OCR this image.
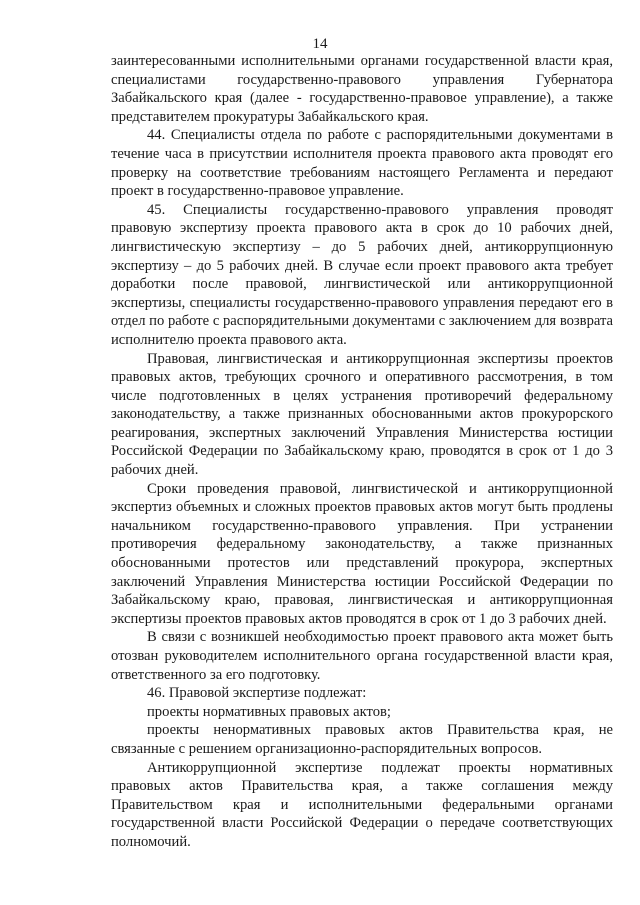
14

заинтересованными исполнительными органами государственной власти края, специалистами государственно-правового управления Губернатора Забайкальского края (далее - государственно-правовое управление), а также представителем прокуратуры Забайкальского края.

44. Специалисты отдела по работе с распорядительными документами в течение часа в присутствии исполнителя проекта правового акта проводят его проверку на соответствие требованиям настоящего Регламента и передают проект в государственно-правовое управление.

45. Специалисты государственно-правового управления проводят правовую экспертизу проекта правового акта в срок до 10 рабочих дней, лингвистическую экспертизу – до 5 рабочих дней, антикоррупционную экспертизу – до 5 рабочих дней. В случае если проект правового акта требует доработки после правовой, лингвистической или антикоррупционной экспертизы, специалисты государственно-правового управления передают его в отдел по работе с распорядительными документами с заключением для возврата исполнителю проекта правового акта.

Правовая, лингвистическая и антикоррупционная экспертизы проектов правовых актов, требующих срочного и оперативного рассмотрения, в том числе подготовленных в целях устранения противоречий федеральному законодательству, а также признанных обоснованными актов прокурорского реагирования, экспертных заключений Управления Министерства юстиции Российской Федерации по Забайкальскому краю, проводятся в срок от 1 до 3 рабочих дней.

Сроки проведения правовой, лингвистической и антикоррупционной экспертиз объемных и сложных проектов правовых актов могут быть продлены начальником государственно-правового управления. При устранении противоречия федеральному законодательству, а также признанных обоснованными протестов или представлений прокурора, экспертных заключений Управления Министерства юстиции Российской Федерации по Забайкальскому краю, правовая, лингвистическая и антикоррупционная экспертизы проектов правовых актов проводятся в срок от 1 до 3 рабочих дней.

В связи с возникшей необходимостью проект правового акта может быть отозван руководителем исполнительного органа государственной власти края, ответственного за его подготовку.

46. Правовой экспертизе подлежат:

проекты нормативных правовых актов;

проекты ненормативных правовых актов Правительства края, не связанные с решением организационно-распорядительных вопросов.

Антикоррупционной экспертизе подлежат проекты нормативных правовых актов Правительства края, а также соглашения между Правительством края и исполнительными федеральными органами государственной власти Российской Федерации о передаче соответствующих полномочий.
